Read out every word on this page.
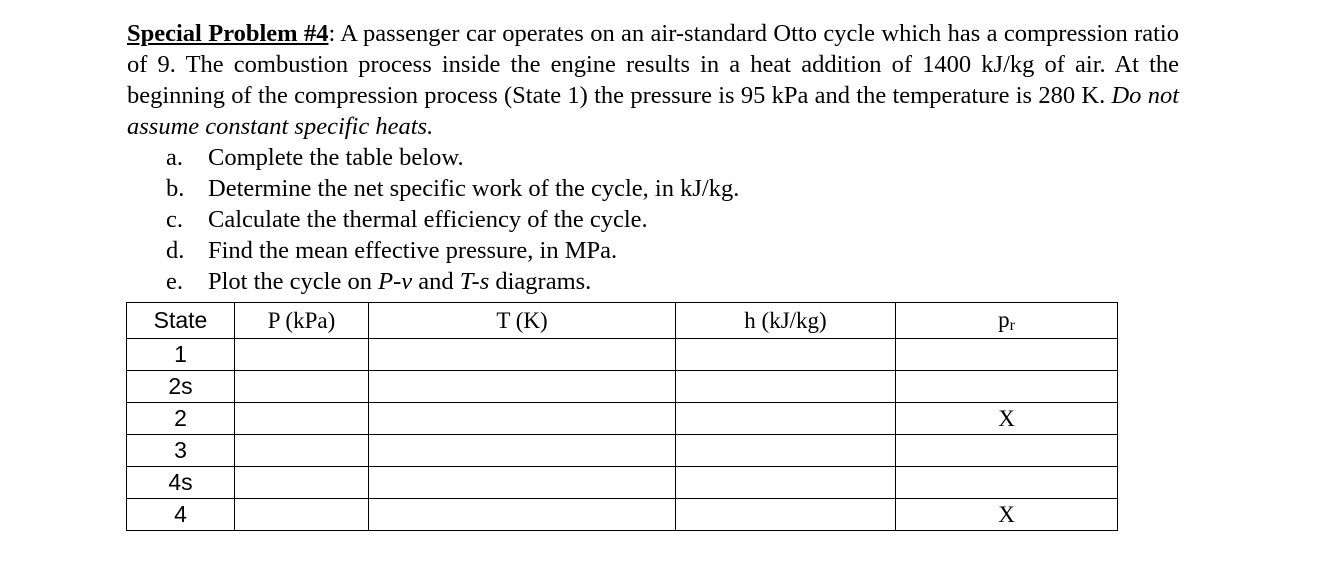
Special Problem #4: A passenger car operates on an air-standard Otto cycle which has a compression ratio of 9. The combustion process inside the engine results in a heat addition of 1400 kJ/kg of air. At the beginning of the compression process (State 1) the pressure is 95 kPa and the temperature is 280 K. Do not assume constant specific heats.

a. Complete the table below.
b. Determine the net specific work of the cycle, in kJ/kg.
c. Calculate the thermal efficiency of the cycle.
d. Find the mean effective pressure, in MPa.
e. Plot the cycle on P-v and T-s diagrams.
State	P (kPa)	T (K)	h (kJ/kg)	pr
1				
2s				
2				X
3				
4s				
4				X
